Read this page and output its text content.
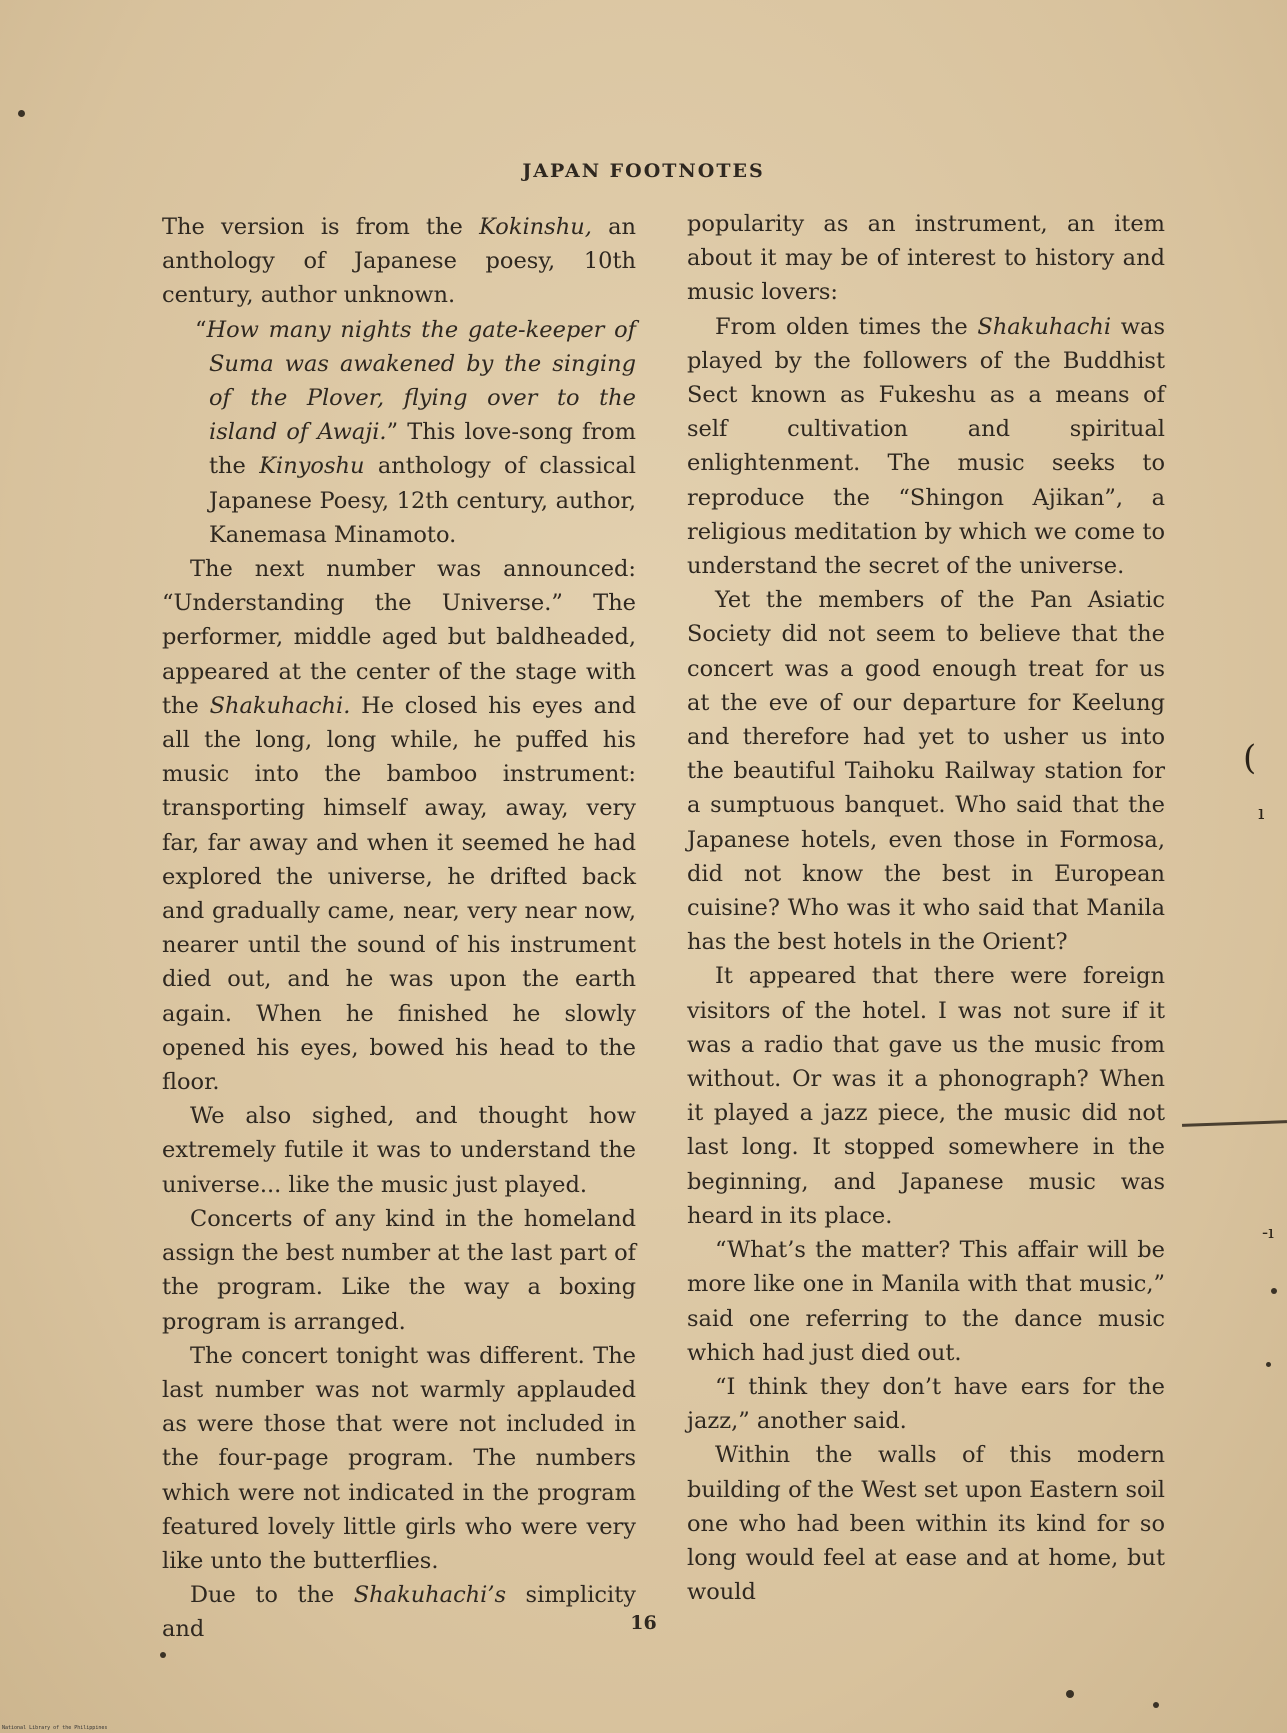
JAPAN FOOTNOTES

The version is from the Kokinshu, an anthology of Japanese poesy, 10th century, author unknown.

“How many nights the gate-keeper of Suma was awakened by the singing of the Plover, flying over to the island of Awaji.” This love-song from the Kinyoshu anthology of classical Japanese Poesy, 12th century, author, Kanemasa Minamoto.

The next number was announced: “Understanding the Universe.” The performer, middle aged but baldheaded, appeared at the center of the stage with the Shakuhachi. He closed his eyes and all the long, long while, he puffed his music into the bamboo instrument: transporting himself away, away, very far, far away and when it seemed he had explored the universe, he drifted back and gradually came, near, very near now, nearer until the sound of his instrument died out, and he was upon the earth again. When he finished he slowly opened his eyes, bowed his head to the floor.

We also sighed, and thought how extremely futile it was to understand the universe... like the music just played.

Concerts of any kind in the homeland assign the best number at the last part of the program. Like the way a boxing program is arranged.

The concert tonight was different. The last number was not warmly applauded as were those that were not included in the four-page program. The numbers which were not indicated in the program featured lovely little girls who were very like unto the butterflies.

Due to the Shakuhachi’s simplicity and

popularity as an instrument, an item about it may be of interest to history and music lovers:

From olden times the Shakuhachi was played by the followers of the Buddhist Sect known as Fukeshu as a means of self cultivation and spiritual enlightenment. The music seeks to reproduce the “Shingon Ajikan”, a religious meditation by which we come to understand the secret of the universe.

Yet the members of the Pan Asiatic Society did not seem to believe that the concert was a good enough treat for us at the eve of our departure for Keelung and therefore had yet to usher us into the beautiful Taihoku Railway station for a sumptuous banquet. Who said that the Japanese hotels, even those in Formosa, did not know the best in European cuisine? Who was it who said that Manila has the best hotels in the Orient?

It appeared that there were foreign visitors of the hotel. I was not sure if it was a radio that gave us the music from without. Or was it a phonograph? When it played a jazz piece, the music did not last long. It stopped somewhere in the beginning, and Japanese music was heard in its place.

“What’s the matter? This affair will be more like one in Manila with that music,” said one referring to the dance music which had just died out.

“I think they don’t have ears for the jazz,” another said.

Within the walls of this modern building of the West set upon Eastern soil one who had been within its kind for so long would feel at ease and at home, but would

16
National Library of the Philippines
(
ı
-ı
